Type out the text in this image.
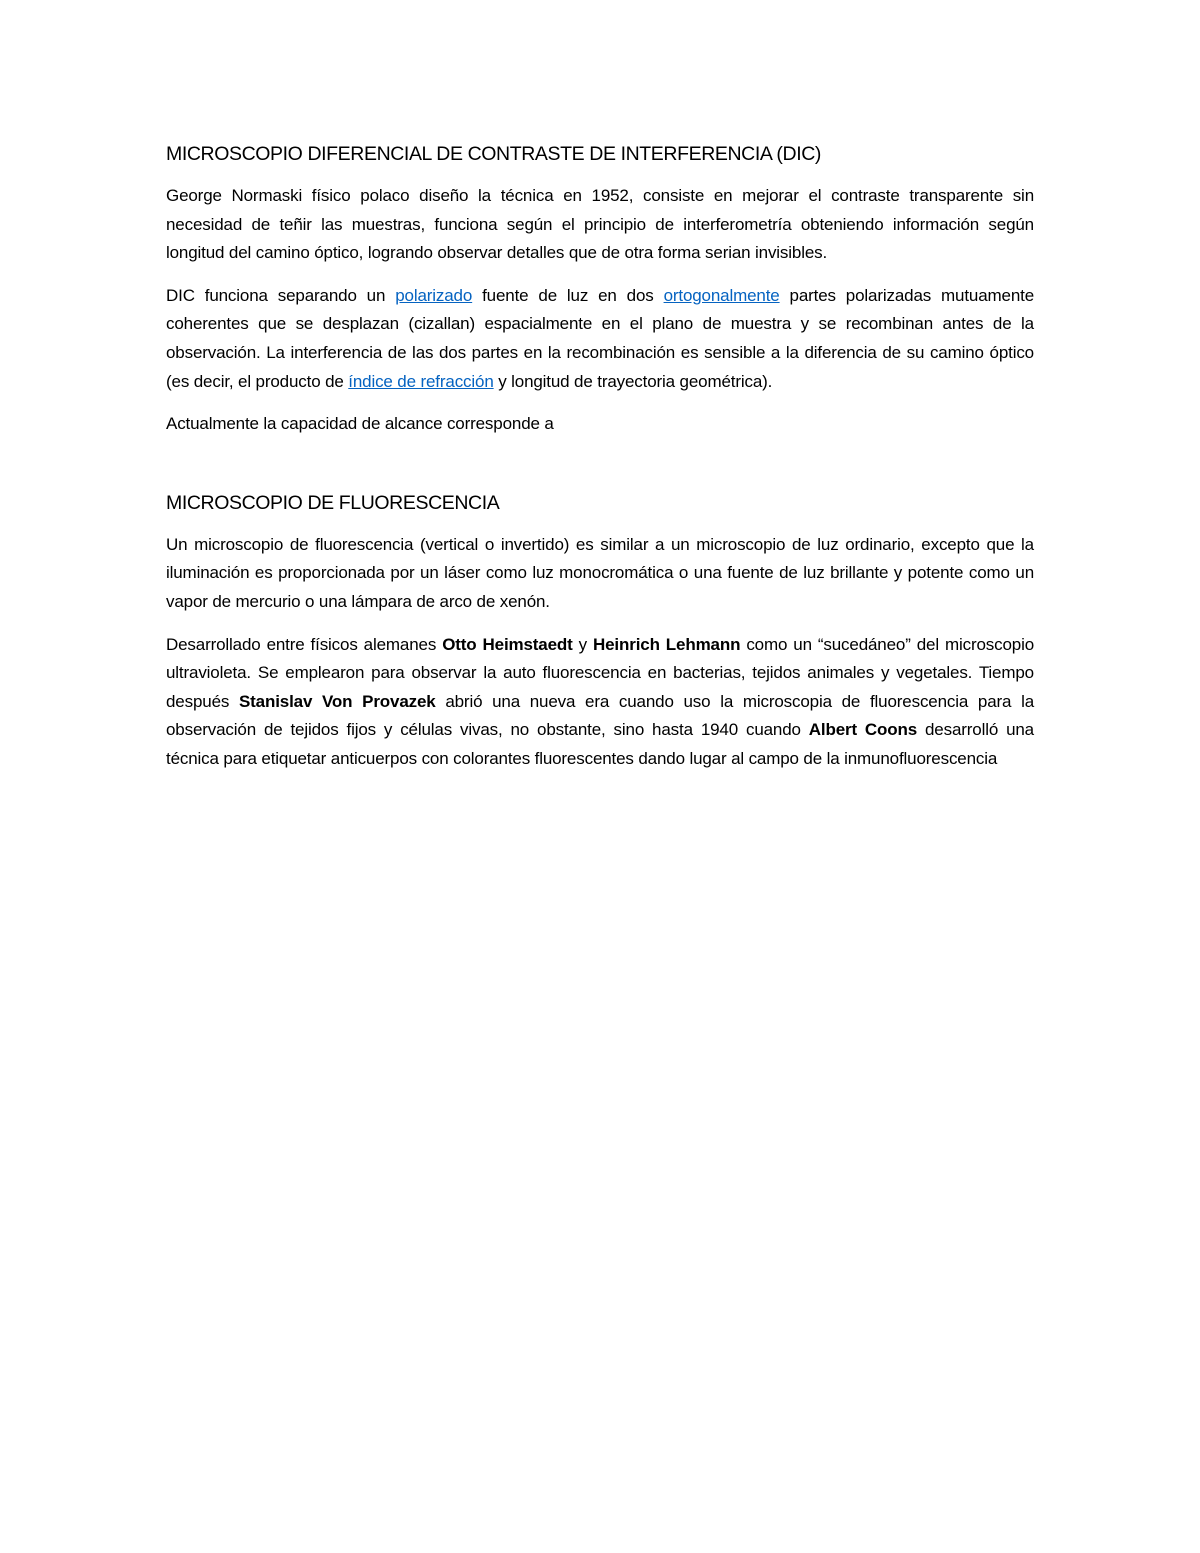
MICROSCOPIO DIFERENCIAL DE CONTRASTE DE INTERFERENCIA (DIC)

George Normaski físico polaco diseño la técnica en 1952, consiste en mejorar el contraste transparente sin necesidad de teñir las muestras, funciona según el principio de interferometría obteniendo información según longitud del camino óptico, logrando observar detalles que de otra forma serian invisibles.

DIC funciona separando un polarizado fuente de luz en dos ortogonalmente partes polarizadas mutuamente coherentes que se desplazan (cizallan) espacialmente en el plano de muestra y se recombinan antes de la observación. La interferencia de las dos partes en la recombinación es sensible a la diferencia de su camino óptico (es decir, el producto de índice de refracción y longitud de trayectoria geométrica).

Actualmente la capacidad de alcance corresponde a

MICROSCOPIO DE FLUORESCENCIA

Un microscopio de fluorescencia (vertical o invertido) es similar a un microscopio de luz ordinario, excepto que la iluminación es proporcionada por un láser como luz monocromática o una fuente de luz brillante y potente como un vapor de mercurio o una lámpara de arco de xenón.

Desarrollado entre físicos alemanes Otto Heimstaedt y Heinrich Lehmann como un “sucedáneo” del microscopio ultravioleta. Se emplearon para observar la auto fluorescencia en bacterias, tejidos animales y vegetales. Tiempo después Stanislav Von Provazek abrió una nueva era cuando uso la microscopia de fluorescencia para la observación de tejidos fijos y células vivas, no obstante, sino hasta 1940 cuando Albert Coons desarrolló una técnica para etiquetar anticuerpos con colorantes fluorescentes dando lugar al campo de la inmunofluorescencia
